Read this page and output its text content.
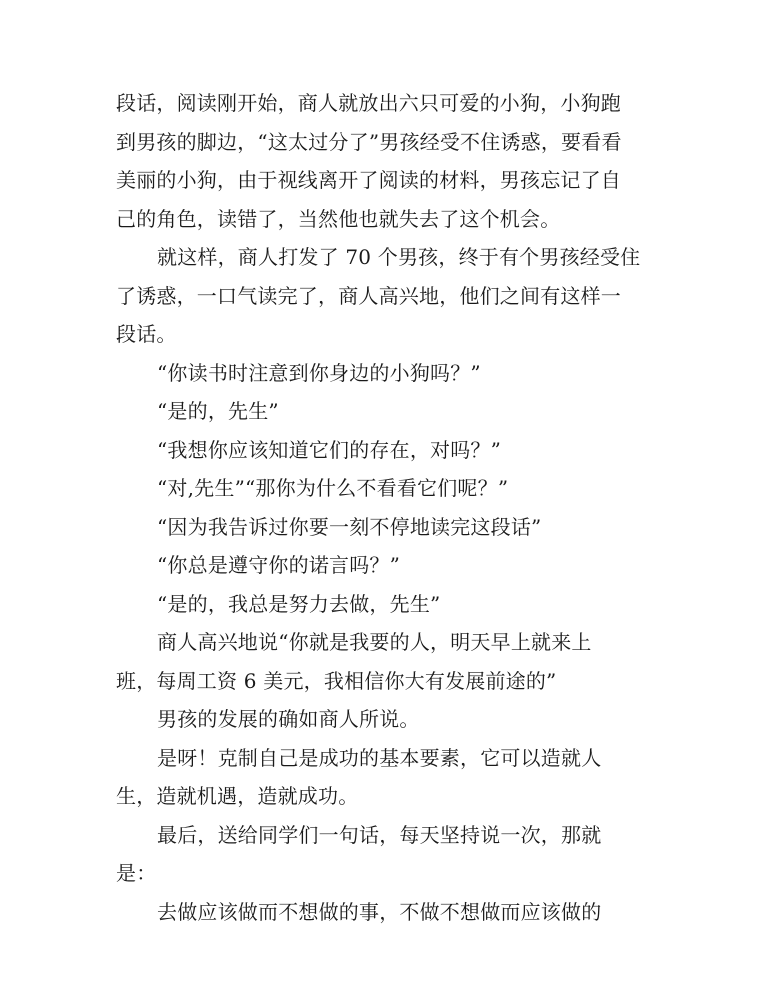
段话，阅读刚开始，商人就放出六只可爱的小狗，小狗跑
到男孩的脚边，“这太过分了”男孩经受不住诱惑，要看看
美丽的小狗，由于视线离开了阅读的材料，男孩忘记了自
己的角色，读错了，当然他也就失去了这个机会。
就这样，商人打发了 70 个男孩，终于有个男孩经受住
了诱惑，一口气读完了，商人高兴地，他们之间有这样一
段话。
“你读书时注意到你身边的小狗吗？”
“是的，先生”
“我想你应该知道它们的存在，对吗？”
“对,先生”“那你为什么不看看它们呢？”
“因为我告诉过你要一刻不停地读完这段话”
“你总是遵守你的诺言吗？”
“是的，我总是努力去做，先生”
商人高兴地说“你就是我要的人，明天早上就来上
班，每周工资 6 美元，我相信你大有发展前途的”
男孩的发展的确如商人所说。
是呀！克制自己是成功的基本要素，它可以造就人
生，造就机遇，造就成功。
最后，送给同学们一句话，每天坚持说一次，那就
是：
去做应该做而不想做的事，不做不想做而应该做的
